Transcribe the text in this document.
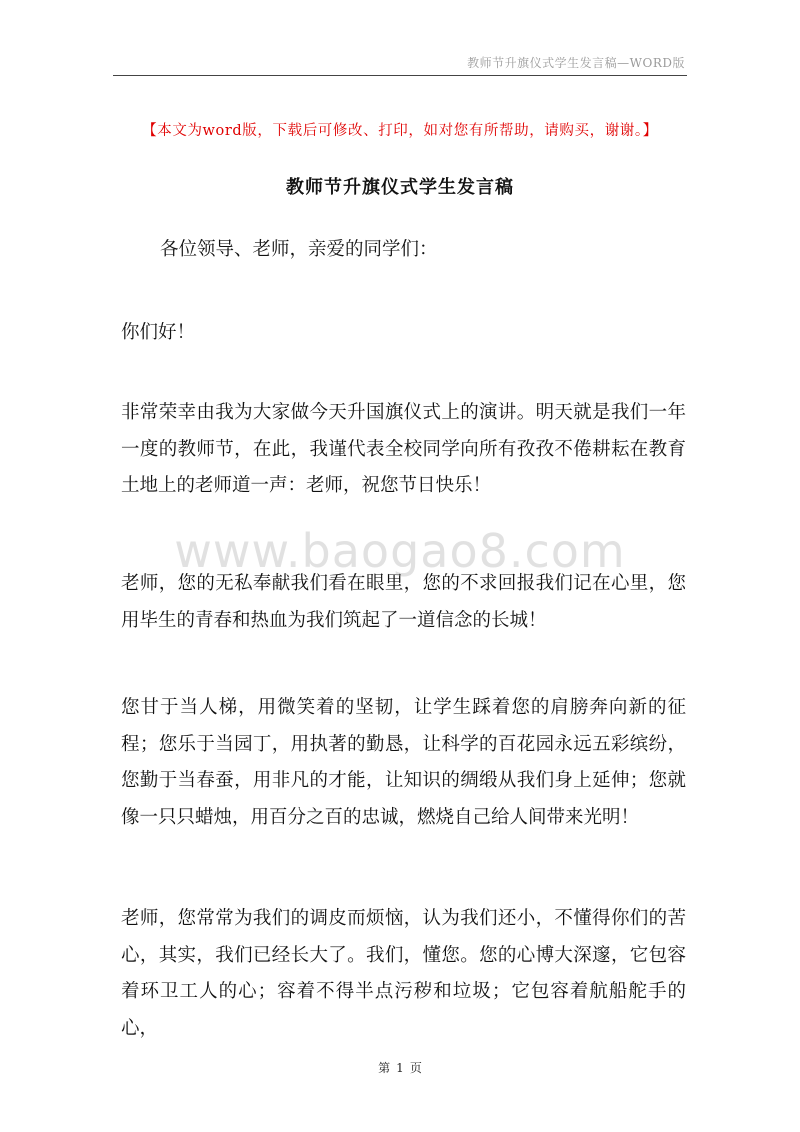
教师节升旗仪式学生发言稿—WORD版
【本文为word版，下载后可修改、打印，如对您有所帮助，请购买，谢谢。】
教师节升旗仪式学生发言稿

各位领导、老师，亲爱的同学们：

你们好！

非常荣幸由我为大家做今天升国旗仪式上的演讲。明天就是我们一年一度的教师节，在此，我谨代表全校同学向所有孜孜不倦耕耘在教育土地上的老师道一声：老师，祝您节日快乐！

老师，您的无私奉献我们看在眼里，您的不求回报我们记在心里，您用毕生的青春和热血为我们筑起了一道信念的长城！

您甘于当人梯，用微笑着的坚韧，让学生踩着您的肩膀奔向新的征程；您乐于当园丁，用执著的勤恳，让科学的百花园永远五彩缤纷，您勤于当春蚕，用非凡的才能，让知识的绸缎从我们身上延伸；您就像一只只蜡烛，用百分之百的忠诚，燃烧自己给人间带来光明！

老师，您常常为我们的调皮而烦恼，认为我们还小，不懂得你们的苦心，其实，我们已经长大了。我们，懂您。您的心博大深邃，它包容着环卫工人的心；容着不得半点污秽和垃圾；它包容着航船舵手的心，

www.baogao8.com
第 1 页
